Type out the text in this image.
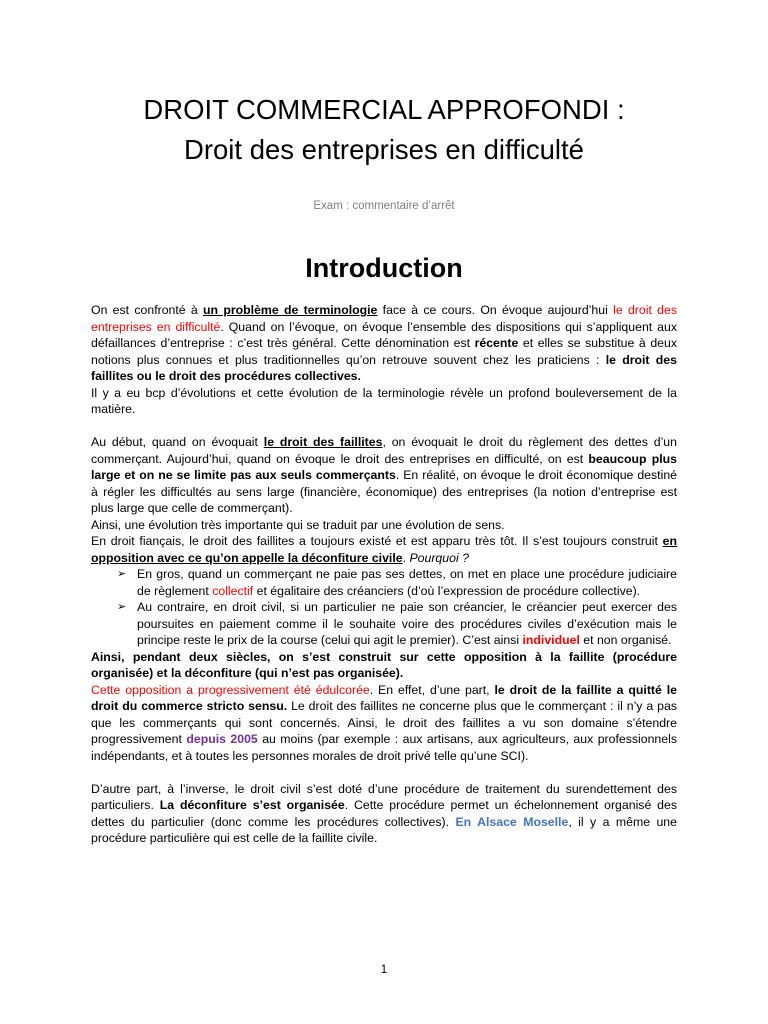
DROIT COMMERCIAL APPROFONDI :
Droit des entreprises en difficulté
Exam : commentaire d’arrêt
Introduction

On est confronté à un problème de terminologie face à ce cours. On évoque aujourd’hui le droit des entreprises en difficulté. Quand on l’évoque, on évoque l’ensemble des dispositions qui s’appliquent aux défaillances d’entreprise : c’est très général. Cette dénomination est récente et elles se substitue à deux notions plus connues et plus traditionnelles qu’on retrouve souvent chez les praticiens : le droit des faillites ou le droit des procédures collectives.

Il y a eu bcp d’évolutions et cette évolution de la terminologie révèle un profond bouleversement de la matière.

Au début, quand on évoquait le droit des faillites, on évoquait le droit du règlement des dettes d’un commerçant. Aujourd’hui, quand on évoque le droit des entreprises en difficulté, on est beaucoup plus large et on ne se limite pas aux seuls commerçants. En réalité, on évoque le droit économique destiné à régler les difficultés au sens large (financière, économique) des entreprises (la notion d’entreprise est plus large que celle de commerçant).

Ainsi, une évolution très importante qui se traduit par une évolution de sens.

En droit fiançais, le droit des faillites a toujours existé et est apparu très tôt. Il s’est toujours construit en opposition avec ce qu’on appelle la déconfiture civile. Pourquoi ?

➢ En gros, quand un commerçant ne paie pas ses dettes, on met en place une procédure judiciaire de règlement collectif et égalitaire des créanciers (d’où l’expression de procédure collective).
➢ Au contraire, en droit civil, si un particulier ne paie son créancier, le créancier peut exercer des poursuites en paiement comme il le souhaite voire des procédures civiles d’exécution mais le principe reste le prix de la course (celui qui agit le premier). C’est ainsi individuel et non organisé.

Ainsi, pendant deux siècles, on s’est construit sur cette opposition à la faillite (procédure organisée) et la déconfiture (qui n’est pas organisée).

Cette opposition a progressivement été édulcorée. En effet, d’une part, le droit de la faillite a quitté le droit du commerce stricto sensu. Le droit des faillites ne concerne plus que le commerçant : il n’y a pas que les commerçants qui sont concernés. Ainsi, le droit des faillites a vu son domaine s’étendre progressivement depuis 2005 au moins (par exemple : aux artisans, aux agriculteurs, aux professionnels indépendants, et à toutes les personnes morales de droit privé telle qu’une SCI).

D’autre part, à l’inverse, le droit civil s’est doté d’une procédure de traitement du surendettement des particuliers. La déconfiture s’est organisée. Cette procédure permet un échelonnement organisé des dettes du particulier (donc comme les procédures collectives). En Alsace Moselle, il y a même une procédure particulière qui est celle de la faillite civile.

1
